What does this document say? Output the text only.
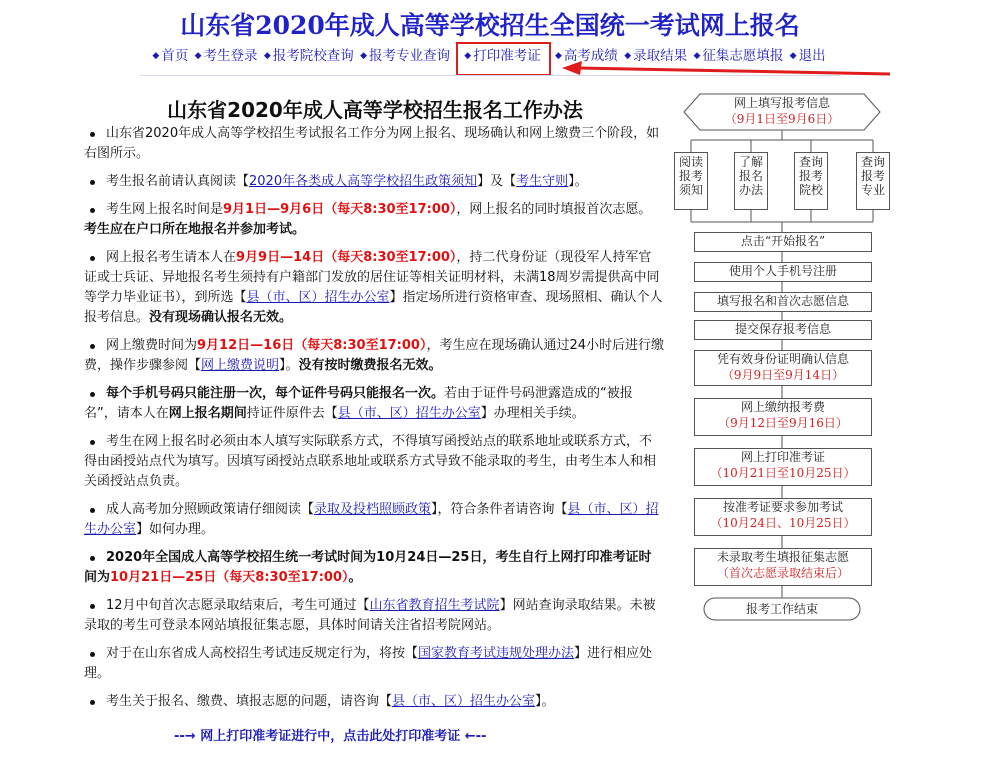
山东省2020年成人高等学校招生全国统一考试网上报名
◆ 首页 ◆ 考生登录 ◆ 报考院校查询 ◆ 报考专业查询 ◆ 打印准考证 ◆ 高考成绩 ◆ 录取结果 ◆ 征集志愿填报 ◆ 退出
山东省2020年成人高等学校招生报名工作办法
山东省2020年成人高等学校招生考试报名工作分为网上报名、现场确认和网上缴费三个阶段，如右图所示。
考生报名前请认真阅读【2020年各类成人高等学校招生政策须知】及【考生守则】。
考生网上报名时间是9月1日—9月6日（每天8:30至17:00），网上报名的同时填报首次志愿。考生应在户口所在地报名并参加考试。
网上报名考生请本人在9月9日—14日（每天8:30至17:00），持二代身份证（现役军人持军官证或士兵证、异地报名考生须持有户籍部门发放的居住证等相关证明材料，未满18周岁需提供高中同等学力毕业证书），到所选【县（市、区）招生办公室】指定场所进行资格审查、现场照相、确认个人报考信息。没有现场确认报名无效。
网上缴费时间为9月12日—16日（每天8:30至17:00），考生应在现场确认通过24小时后进行缴费，操作步骤参阅【网上缴费说明】。没有按时缴费报名无效。
每个手机号码只能注册一次，每个证件号码只能报名一次。若由于证件号码泄露造成的“被报名”，请本人在网上报名期间持证件原件去【县（市、区）招生办公室】办理相关手续。
考生在网上报名时必须由本人填写实际联系方式，不得填写函授站点的联系地址或联系方式，不得由函授站点代为填写。因填写函授站点联系地址或联系方式导致不能录取的考生，由考生本人和相关函授站点负责。
成人高考加分照顾政策请仔细阅读【录取及投档照顾政策】，符合条件者请咨询【县（市、区）招生办公室】如何办理。
2020年全国成人高等学校招生统一考试时间为10月24日—25日，考生自行上网打印准考证时间为10月21日—25日（每天8:30至17:00）。
12月中旬首次志愿录取结束后，考生可通过【山东省教育招生考试院】网站查询录取结果。未被录取的考生可登录本网站填报征集志愿，具体时间请关注省招考院网站。
对于在山东省成人高校招生考试违反规定行为，将按【国家教育考试违规处理办法】进行相应处理。
考生关于报名、缴费、填报志愿的问题，请咨询【县（市、区）招生办公室】。
--→ 网上打印准考证进行中，点击此处打印准考证 ←--
网上填写报考信息
（9月1日至9月6日）
阅读
报考
须知
了解
报名
办法
查询
报考
院校
查询
报考
专业
点击“开始报名”
使用个人手机号注册
填写报名和首次志愿信息
提交保存报考信息
凭有效身份证明确认信息
（9月9日至9月14日）
网上缴纳报考费
（9月12日至9月16日）
网上打印准考证
（10月21日至10月25日）
按准考证要求参加考试
（10月24日、10月25日）
未录取考生填报征集志愿
（首次志愿录取结束后）
报考工作结束
